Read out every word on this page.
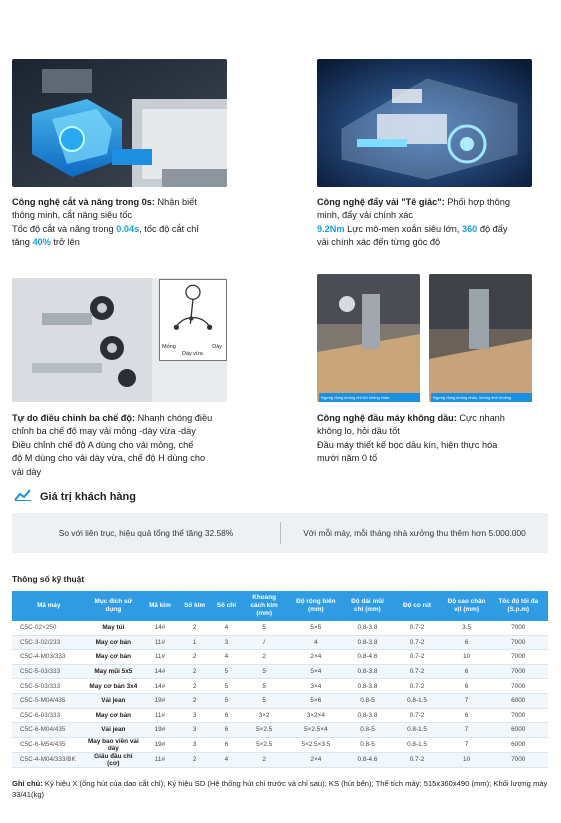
Công nghệ cắt và nâng trong 0s: Nhận biết
thông minh, cắt nâng siêu tốc
Tốc độ cắt và nâng trong 0.04s, tốc độ cắt chỉ
tăng 40% trở lên
Công nghệ đẩy vải "Tê giác": Phối hợp thông
minh, đẩy vải chính xác
9.2Nm Lực mô-men xoắn siêu lớn, 360 độ đẩy
vải chính xác đến từng góc độ
Mỏng	Dày
Dày vừa
Ngưng động không chỉ khi không chảo	Ngưng động không chảo, không ảnh hưởng
Tự do điều chỉnh ba chế độ: Nhanh chóng điều
chỉnh ba chế độ may vải mỏng -dày vừa -dày
Điều chỉnh chế độ A dùng cho vải mỏng, chế
độ M dùng cho vải dày vừa, chế độ H dùng cho
vải dày
Công nghệ đầu máy không dầu: Cực nhanh
không lo, hỏi dầu tốt
Đầu máy thiết kế bọc dầu kín, hiện thực hóa
mười năm 0 tố
Giá trị khách hàng
So với liên trục, hiệu quả tổng thể tăng 32.58%	Với mỗi máy, mỗi tháng nhà xưởng thu thêm hơn 5.000.000
Thông số kỹ thuật
Mã máy	Mục đích sử dụng	Mã kim	Số kim	Số chỉ	Khoảng cách kim (mm)	Độ rộng biên (mm)	Độ dài mũi chỉ (mm)	Độ co rút	Độ cao chân vịt (mm)	Tốc độ tối đa (S.p.m)
C5C-02×250	May túi	14#	2	4	5	5×5	0.8-3.8	0.7-2	3.5	7000
C5C-3-02/233	May cơ bản	11#	1	3	/	4	0.8-3.8	0.7-2	6	7000
C5C-4-M03/333	May cơ bản	11#	2	4	2	2×4	0.8-4.6	0.7-2	10	7000
C5C-5-03/333	May mũi 5x5	14#	2	5	5	5×4	0.8-3.8	0.7-2	6	7000
C5C-5-03/333	May cơ bản 3x4	14#	2	5	5	3×4	0.8-3.8	0.7-2	6	7000
C5C-5-M04/435	Vải jean	19#	2	5	5	5×6	0.8-5	0.8-1.5	7	6000
C5C-6-03/333	May cơ bản	11#	3	6	3×2	3×2×4	0.8-3.8	0.7-2	6	7000
C5C-6-M04/435	Vải jean	19#	3	6	5×2.5	5×2.5×4	0.8-5	0.8-1.5	7	6000
C5C-6-M54/435	May bao viền vải dày	19#	3	6	5×2.5	5×2.5×3.5	0.8-5	0.8-1.5	7	6000
C5C-4-M04/333/BK	Giấu đầu chỉ (cơ)	11#	2	4	2	2×4	0.8-4.6	0.7-2	10	7000
Ghi chú: Ký hiệu X (ống hút của dao cắt chỉ); Ký hiệu SD (Hệ thống hút chỉ trước và chỉ sau); KS (hút bên); Thể tích máy: 515x360x490 (mm); Khối lượng máy 33/41(kg)
